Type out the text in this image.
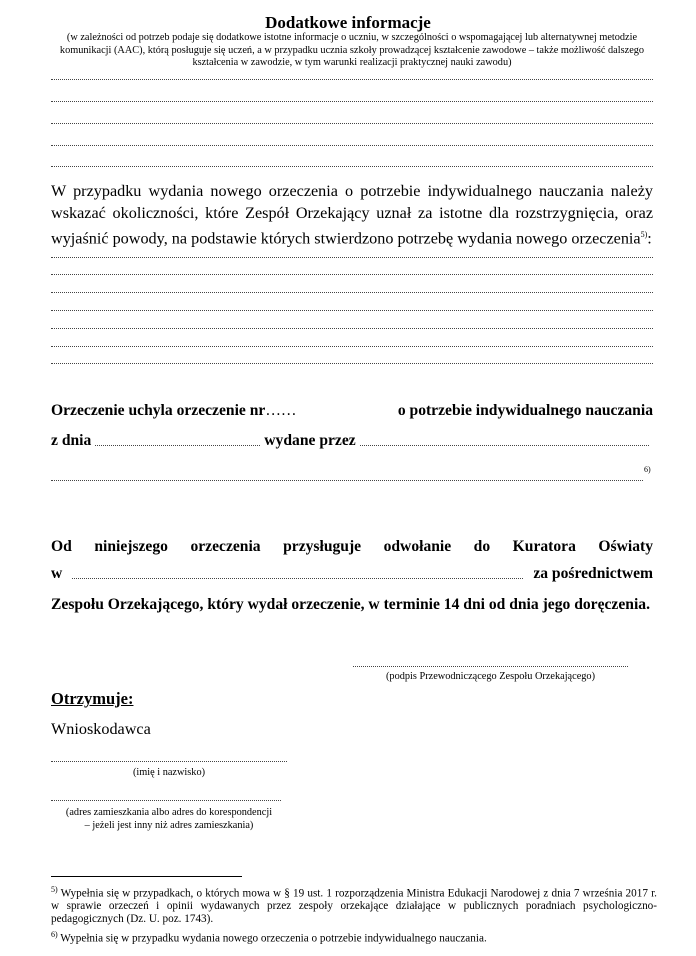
Dodatkowe informacje
(w zależności od potrzeb podaje się dodatkowe istotne informacje o uczniu, w szczególności o wspomagającej lub alternatywnej metodzie komunikacji (AAC), którą posługuje się uczeń, a w przypadku ucznia szkoły prowadzącej kształcenie zawodowe – także możliwość dalszego kształcenia w zawodzie, w tym warunki realizacji praktycznej nauki zawodu)
W przypadku wydania nowego orzeczenia o potrzebie indywidualnego nauczania należy wskazać okoliczności, które Zespół Orzekający uznał za istotne dla rozstrzygnięcia, oraz wyjaśnić powody, na podstawie których stwierdzono potrzebę wydania nowego orzeczenia$^{5)}$:
Orzeczenie uchyla orzeczenie nr……	o potrzebie indywidualnego nauczania
z dnia	wydane przez
6)
Od niniejszego orzeczenia przysługuje odwołanie do Kuratora Oświaty
w	za pośrednictwem
Zespołu Orzekającego, który wydał orzeczenie, w terminie 14 dni od dnia jego doręczenia.
(podpis Przewodniczącego Zespołu Orzekającego)
Otrzymuje:
Wnioskodawca
(imię i nazwisko)
(adres zamieszkania albo adres do korespondencji
– jeżeli jest inny niż adres zamieszkania)
$^{5)}$ Wypełnia się w przypadkach, o których mowa w § 19 ust. 1 rozporządzenia Ministra Edukacji Narodowej z dnia 7 września 2017 r. w sprawie orzeczeń i opinii wydawanych przez zespoły orzekające działające w publicznych poradniach psychologiczno-pedagogicznych (Dz. U. poz. 1743).
$^{6)}$ Wypełnia się w przypadku wydania nowego orzeczenia o potrzebie indywidualnego nauczania.
